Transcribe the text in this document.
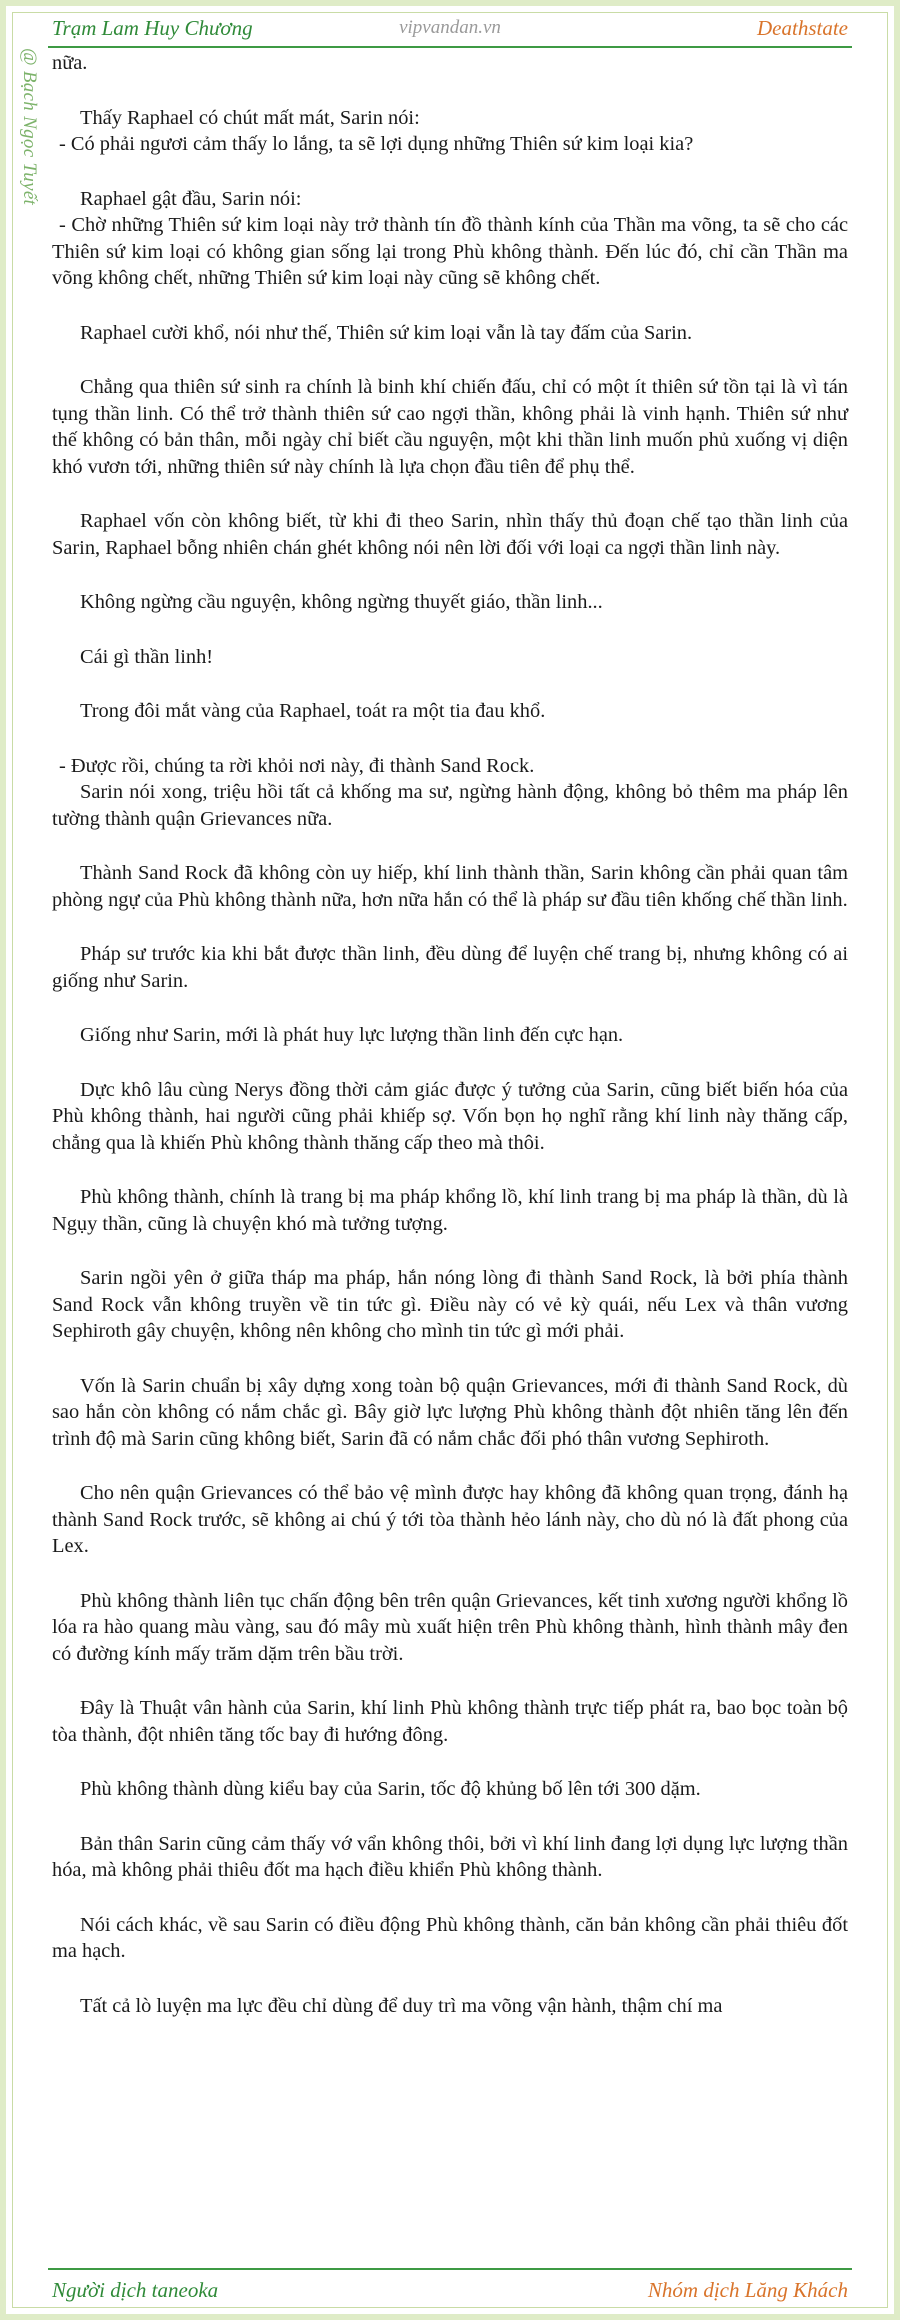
Trạm Lam Huy Chương	vipvandan.vn	Deathstate
@ Bạch Ngọc Tuyết nữa.

Thấy Raphael có chút mất mát, Sarin nói:

- Có phải ngươi cảm thấy lo lắng, ta sẽ lợi dụng những Thiên sứ kim loại kia?

Raphael gật đầu, Sarin nói:

- Chờ những Thiên sứ kim loại này trở thành tín đồ thành kính của Thần ma võng, ta sẽ cho các Thiên sứ kim loại có không gian sống lại trong Phù không thành. Đến lúc đó, chỉ cần Thần ma võng không chết, những Thiên sứ kim loại này cũng sẽ không chết.

Raphael cười khổ, nói như thế, Thiên sứ kim loại vẫn là tay đấm của Sarin.

Chẳng qua thiên sứ sinh ra chính là binh khí chiến đấu, chỉ có một ít thiên sứ tồn tại là vì tán tụng thần linh. Có thể trở thành thiên sứ cao ngợi thần, không phải là vinh hạnh. Thiên sứ như thế không có bản thân, mỗi ngày chỉ biết cầu nguyện, một khi thần linh muốn phủ xuống vị diện khó vươn tới, những thiên sứ này chính là lựa chọn đầu tiên để phụ thể.

Raphael vốn còn không biết, từ khi đi theo Sarin, nhìn thấy thủ đoạn chế tạo thần linh của Sarin, Raphael bỗng nhiên chán ghét không nói nên lời đối với loại ca ngợi thần linh này.

Không ngừng cầu nguyện, không ngừng thuyết giáo, thần linh...

Cái gì thần linh!

Trong đôi mắt vàng của Raphael, toát ra một tia đau khổ.

- Được rồi, chúng ta rời khỏi nơi này, đi thành Sand Rock.

Sarin nói xong, triệu hồi tất cả khống ma sư, ngừng hành động, không bỏ thêm ma pháp lên tường thành quận Grievances nữa.

Thành Sand Rock đã không còn uy hiếp, khí linh thành thần, Sarin không cần phải quan tâm phòng ngự của Phù không thành nữa, hơn nữa hắn có thể là pháp sư đầu tiên khống chế thần linh.

Pháp sư trước kia khi bắt được thần linh, đều dùng để luyện chế trang bị, nhưng không có ai giống như Sarin.

Giống như Sarin, mới là phát huy lực lượng thần linh đến cực hạn.

Dực khô lâu cùng Nerys đồng thời cảm giác được ý tưởng của Sarin, cũng biết biến hóa của Phù không thành, hai người cũng phải khiếp sợ. Vốn bọn họ nghĩ rằng khí linh này thăng cấp, chẳng qua là khiến Phù không thành thăng cấp theo mà thôi.

Phù không thành, chính là trang bị ma pháp khổng lồ, khí linh trang bị ma pháp là thần, dù là Ngụy thần, cũng là chuyện khó mà tưởng tượng.

Sarin ngồi yên ở giữa tháp ma pháp, hắn nóng lòng đi thành Sand Rock, là bởi phía thành Sand Rock vẫn không truyền về tin tức gì. Điều này có vẻ kỳ quái, nếu Lex và thân vương Sephiroth gây chuyện, không nên không cho mình tin tức gì mới phải.

Vốn là Sarin chuẩn bị xây dựng xong toàn bộ quận Grievances, mới đi thành Sand Rock, dù sao hắn còn không có nắm chắc gì. Bây giờ lực lượng Phù không thành đột nhiên tăng lên đến trình độ mà Sarin cũng không biết, Sarin đã có nắm chắc đối phó thân vương Sephiroth.

Cho nên quận Grievances có thể bảo vệ mình được hay không đã không quan trọng, đánh hạ thành Sand Rock trước, sẽ không ai chú ý tới tòa thành hẻo lánh này, cho dù nó là đất phong của Lex.

Phù không thành liên tục chấn động bên trên quận Grievances, kết tinh xương người khổng lồ lóa ra hào quang màu vàng, sau đó mây mù xuất hiện trên Phù không thành, hình thành mây đen có đường kính mấy trăm dặm trên bầu trời.

Đây là Thuật vân hành của Sarin, khí linh Phù không thành trực tiếp phát ra, bao bọc toàn bộ tòa thành, đột nhiên tăng tốc bay đi hướng đông.

Phù không thành dùng kiểu bay của Sarin, tốc độ khủng bố lên tới 300 dặm.

Bản thân Sarin cũng cảm thấy vớ vẩn không thôi, bởi vì khí linh đang lợi dụng lực lượng thần hóa, mà không phải thiêu đốt ma hạch điều khiển Phù không thành.

Nói cách khác, về sau Sarin có điều động Phù không thành, căn bản không cần phải thiêu đốt ma hạch.

Tất cả lò luyện ma lực đều chỉ dùng để duy trì ma võng vận hành, thậm chí ma

Người dịch taneoka	Nhóm dịch Lăng Khách
